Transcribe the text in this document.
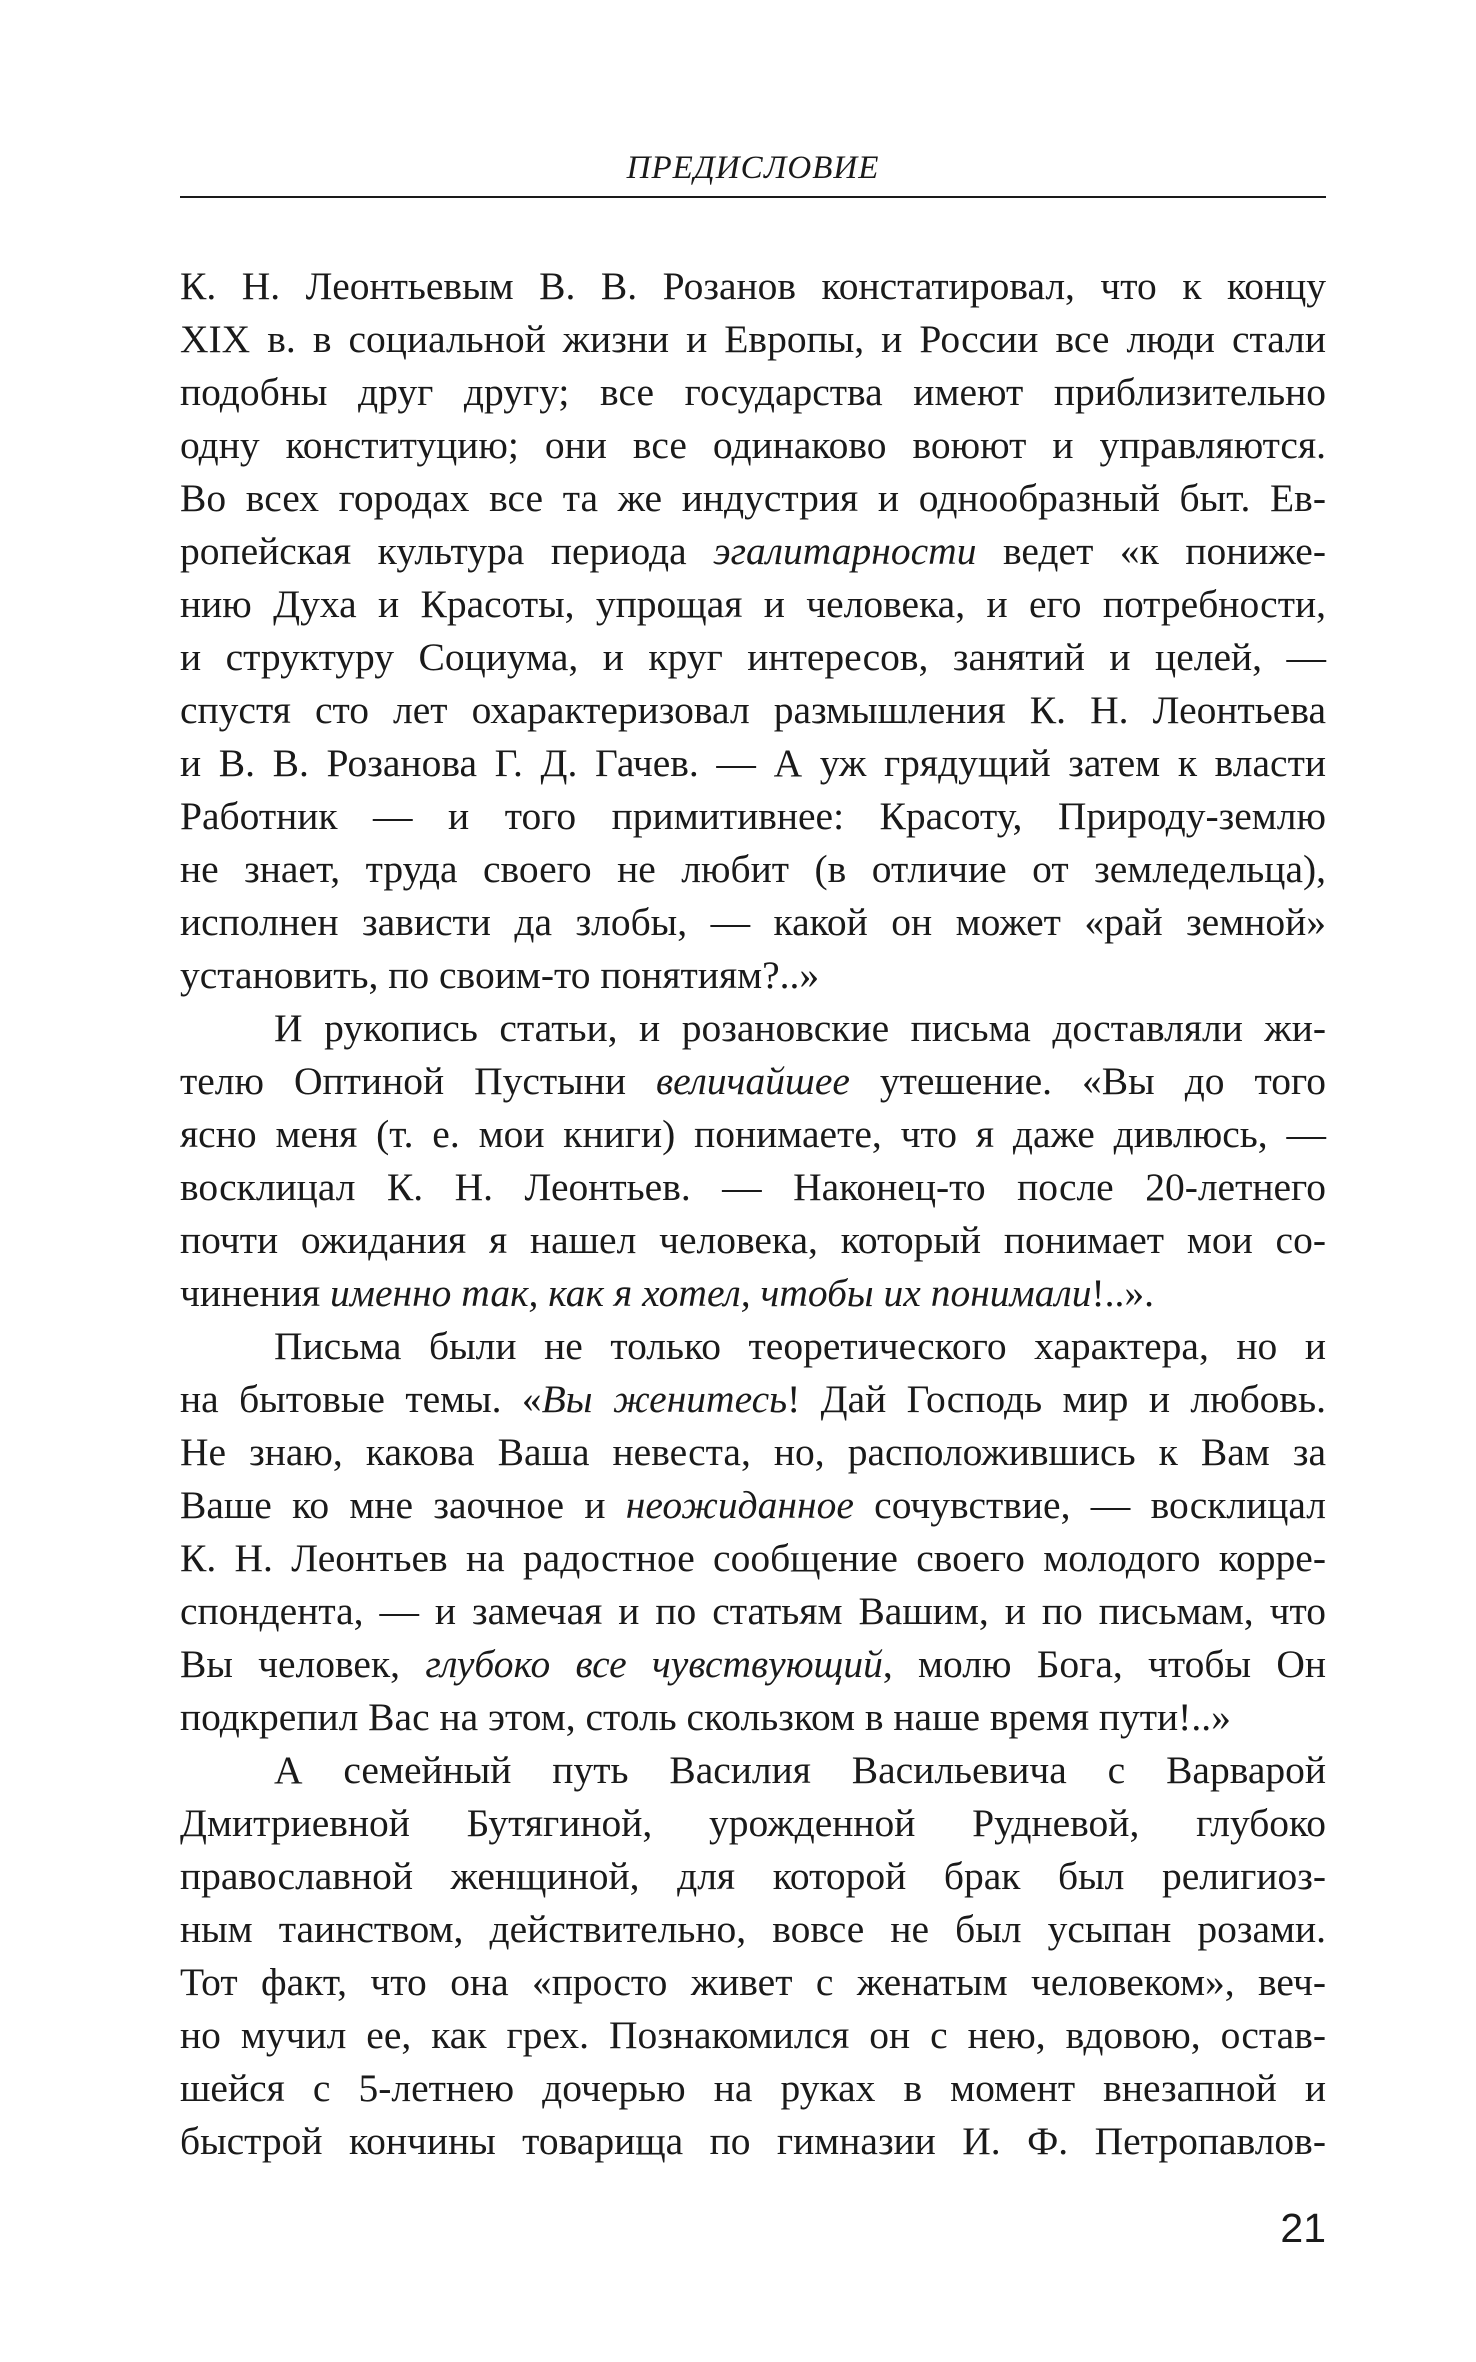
ПРЕДИСЛОВИЕ
К. Н. Леонтьевым В. В. Розанов констатировал, что к концу
XIX в. в социальной жизни и Европы, и России все люди стали
подобны друг другу; все государства имеют приблизительно
одну конституцию; они все одинаково воюют и управляются.
Во всех городах все та же индустрия и однообразный быт. Ев-
ропейская культура периода эгалитарности ведет «к пониже-
нию Духа и Красоты, упрощая и человека, и его потребности,
и структуру Социума, и круг интересов, занятий и целей, —
спустя сто лет охарактеризовал размышления К. Н. Леонтьева
и В. В. Розанова Г. Д. Гачев. — А уж грядущий затем к власти
Работник — и того примитивнее: Красоту, Природу-землю
не знает, труда своего не любит (в отличие от земледельца),
исполнен зависти да злобы, — какой он может «рай земной»
установить, по своим-то понятиям?..»
И рукопись статьи, и розановские письма доставляли жи-
телю Оптиной Пустыни величайшее утешение. «Вы до того
ясно меня (т. е. мои книги) понимаете, что я даже дивлюсь, —
восклицал К. Н. Леонтьев. — Наконец-то после 20-летнего
почти ожидания я нашел человека, который понимает мои со-
чинения именно так, как я хотел, чтобы их понимали!..».
Письма были не только теоретического характера, но и
на бытовые темы. «Вы женитесь! Дай Господь мир и любовь.
Не знаю, какова Ваша невеста, но, расположившись к Вам за
Ваше ко мне заочное и неожиданное сочувствие, — восклицал
К. Н. Леонтьев на радостное сообщение своего молодого корре-
спондента, — и замечая и по статьям Вашим, и по письмам, что
Вы человек, глубоко все чувствующий, молю Бога, чтобы Он
подкрепил Вас на этом, столь скользком в наше время пути!..»
А семейный путь Василия Васильевича с Варварой
Дмитриевной Бутягиной, урожденной Рудневой, глубоко
православной женщиной, для которой брак был религиоз-
ным таинством, действительно, вовсе не был усыпан розами.
Тот факт, что она «просто живет с женатым человеком», веч-
но мучил ее, как грех. Познакомился он с нею, вдовою, остав-
шейся с 5-летнею дочерью на руках в момент внезапной и
быстрой кончины товарища по гимназии И. Ф. Петропавлов-
21
